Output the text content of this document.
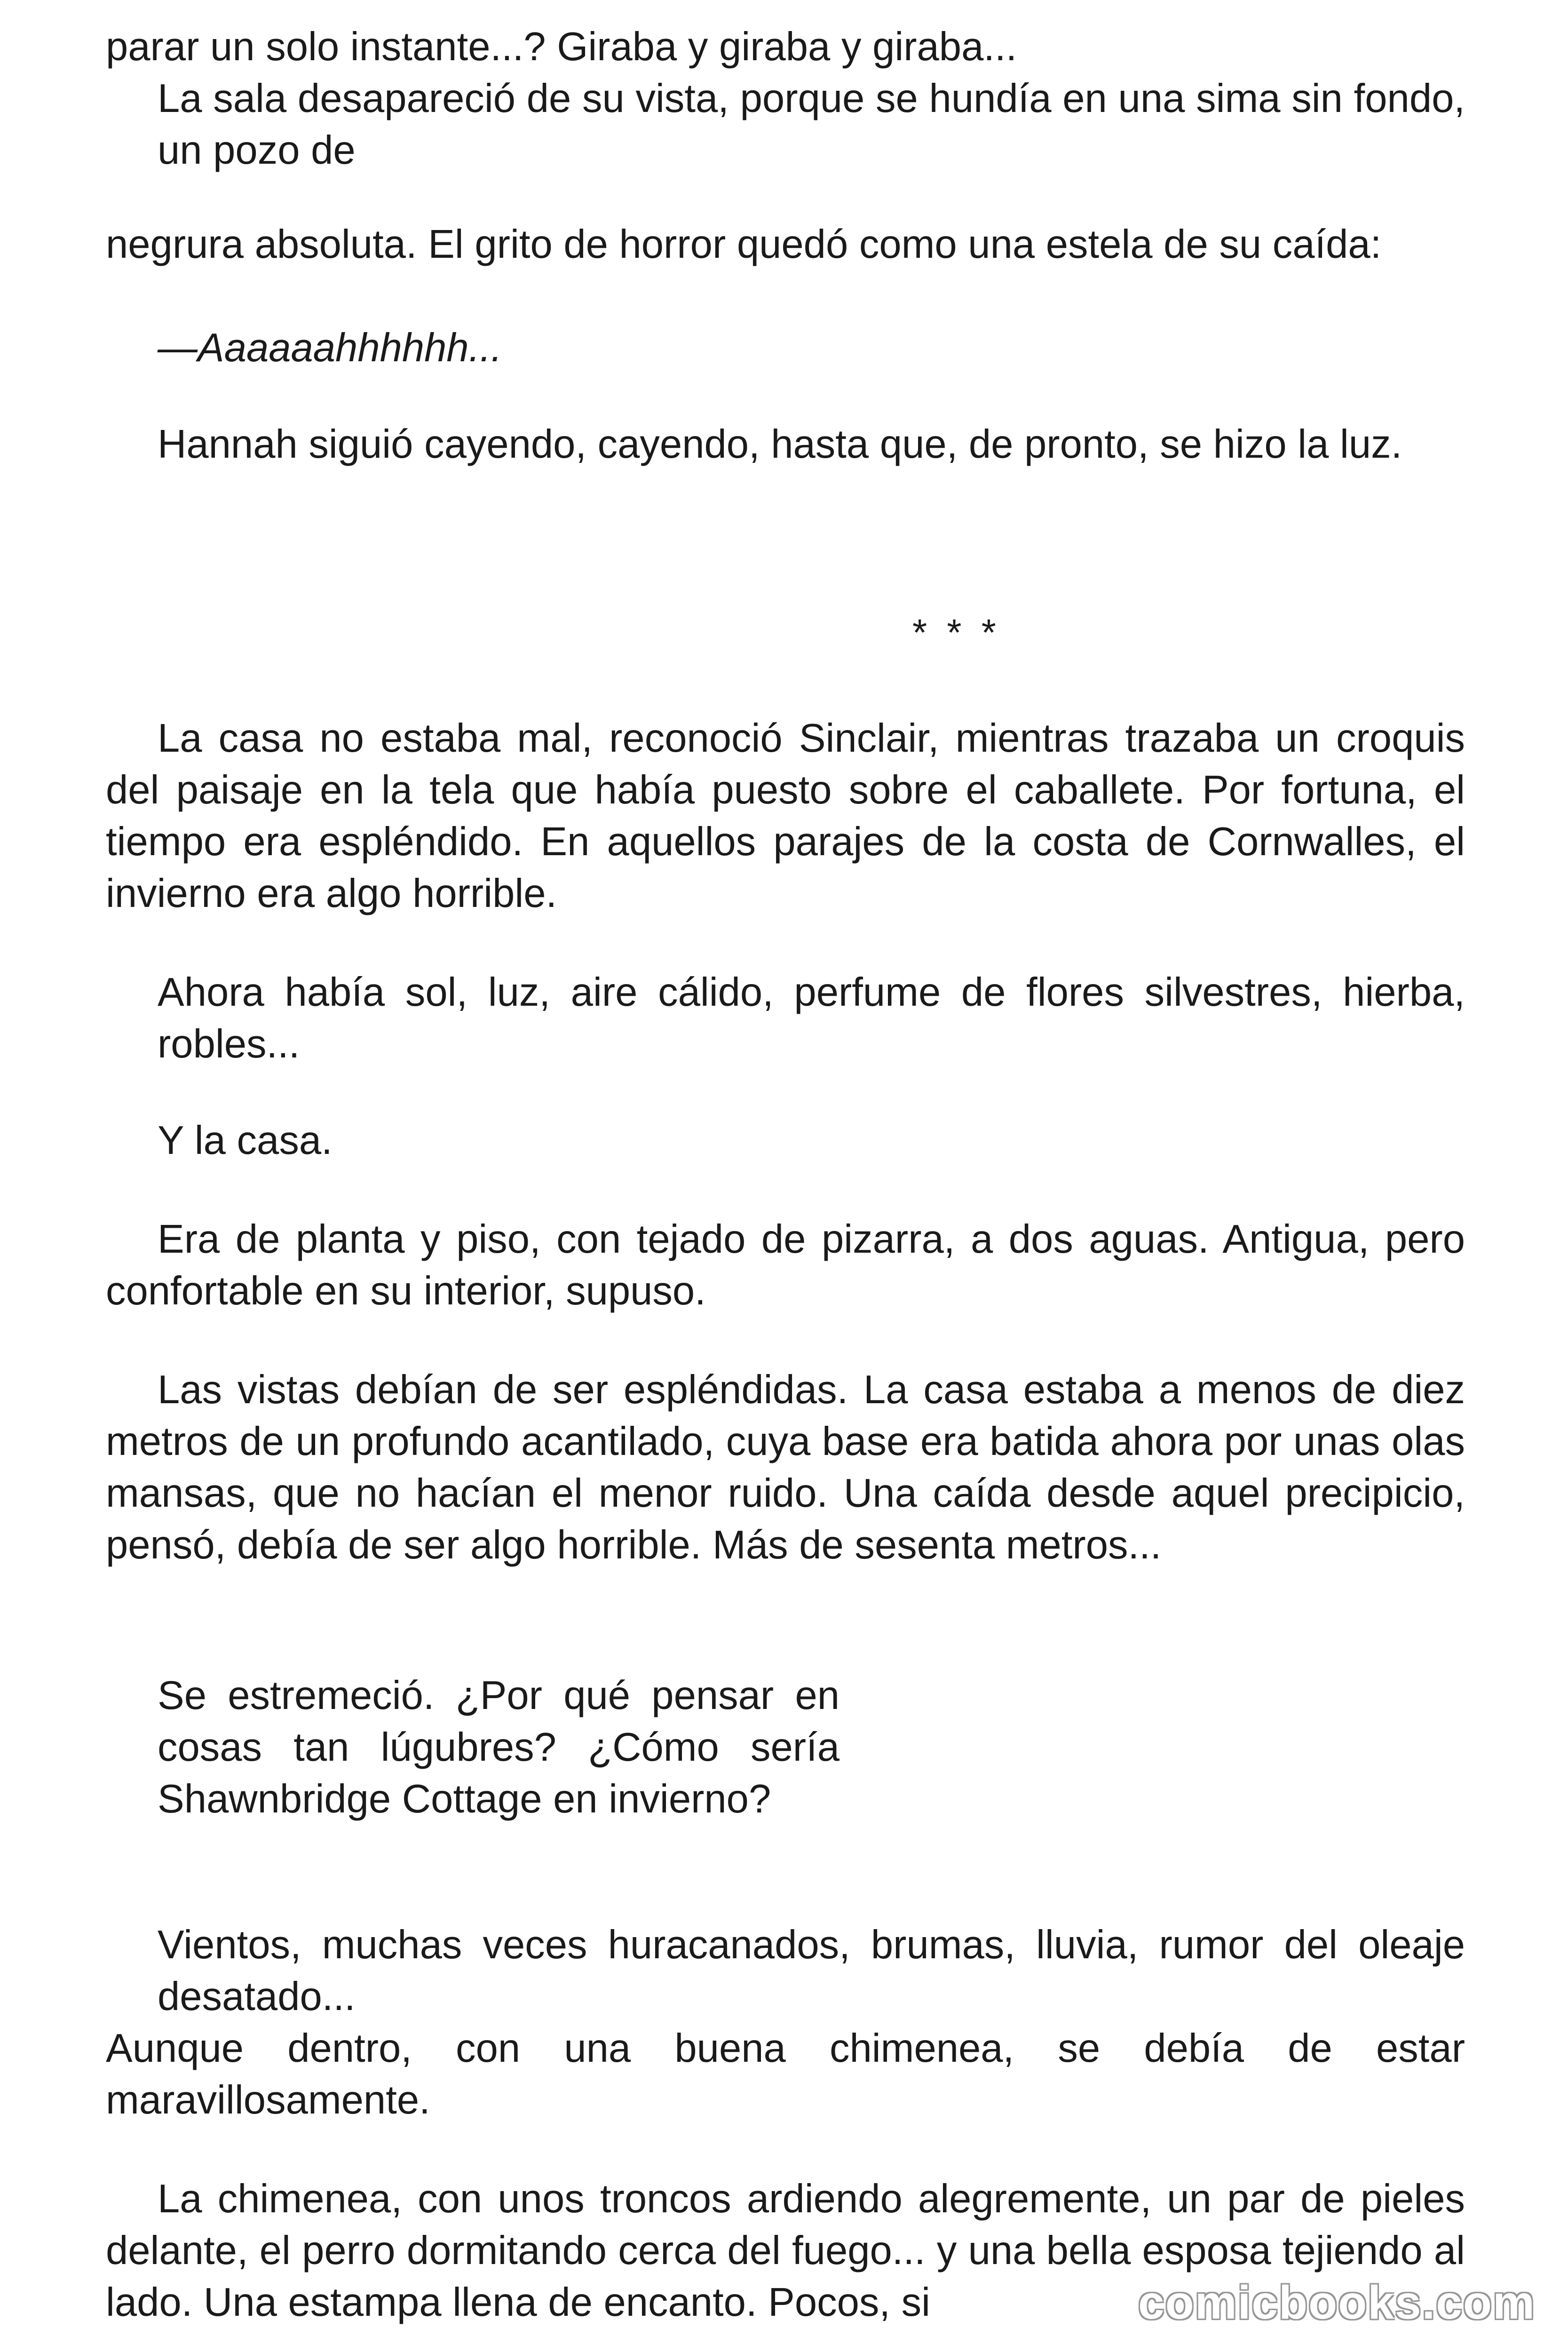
parar un solo instante...? Giraba y giraba y giraba...

La sala desapareció de su vista, porque se hundía en una sima sin fondo, un pozo de

negrura absoluta. El grito de horror quedó como una estela de su caída:

—Aaaaaahhhhhh...

Hannah siguió cayendo, cayendo, hasta que, de pronto, se hizo la luz.

* * *

La casa no estaba mal, reconoció Sinclair, mientras trazaba un croquis del paisaje en la tela que había puesto sobre el caballete. Por fortuna, el tiempo era espléndido. En aquellos parajes de la costa de Cornwalles, el invierno era algo horrible.

Ahora había sol, luz, aire cálido, perfume de flores silvestres, hierba, robles...

Y la casa.

Era de planta y piso, con tejado de pizarra, a dos aguas. Antigua, pero confortable en su interior, supuso.

Las vistas debían de ser espléndidas. La casa estaba a menos de diez metros de un profundo acantilado, cuya base era batida ahora por unas olas mansas, que no hacían el menor ruido. Una caída desde aquel precipicio, pensó, debía de ser algo horrible. Más de sesenta metros...

Se estremeció. ¿Por qué pensar en cosas tan lúgubres? ¿Cómo sería Shawnbridge Cottage en invierno?

Vientos, muchas veces huracanados, brumas, lluvia, rumor del oleaje desatado...

Aunque dentro, con una buena chimenea, se debía de estar maravillosamente.

La chimenea, con unos troncos ardiendo alegremente, un par de pieles delante, el perro dormitando cerca del fuego... y una bella esposa tejiendo al lado. Una estampa llena de encanto. Pocos, si	comicbooks.com
